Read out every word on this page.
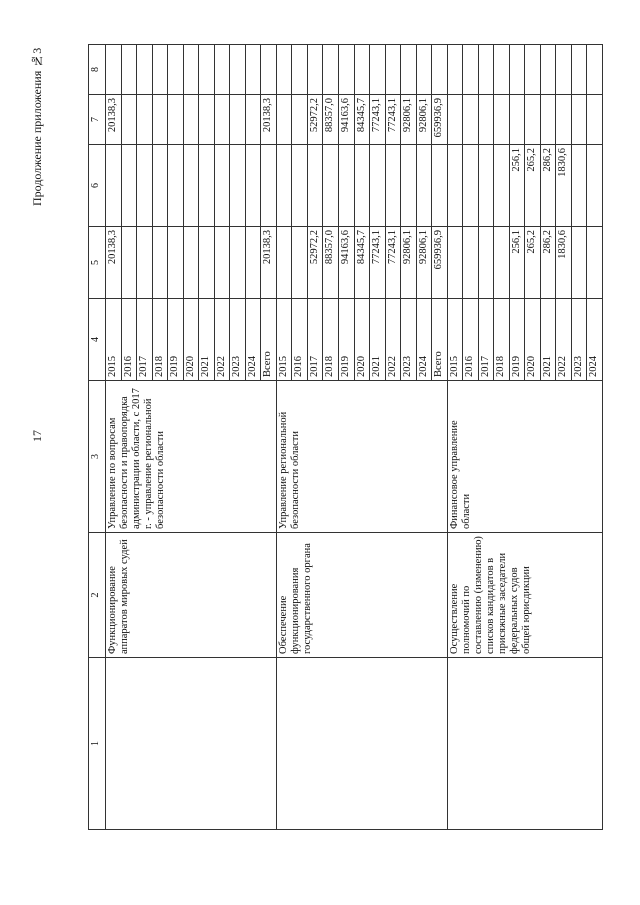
17
Продолжение приложения №3
1	2	3	4	5	6	7	8	
	Функционирование аппаратов мировых судей	Управление по вопросам безопасности и правопорядка администрации области, с 2017 г. - управление региональной безопасности области	2015	20138,3		20138,3		
			2016					
			2017					
			2018					
			2019					
			2020					
			2021					
			2022					
			2023					
			2024					
			Всего	20138,3		20138,3		
	Обеспечение функционирования государственного органа	Управление региональной безопасности области	2015					
			2016					
			2017	52972,2		52972,2		
			2018	88357,0		88357,0		
			2019	94163,6		94163,6		
			2020	84345,7		84345,7		
			2021	77243,1		77243,1		
			2022	77243,1		77243,1		
			2023	92806,1		92806,1		
			2024	92806,1		92806,1		
			Всего	659936,9		659936,9		
	Осуществление полномочий по составлению (изменению) списков кандидатов в присяжные заседатели федеральных судов общей юрисдикции	Финансовое управление области	2015					
			2016					
			2017					
			2018					
			2019	256,1	256,1			
			2020	265,2	265,2			
			2021	286,2	286,2			
			2022	1830,6	1830,6			
			2023					
			2024					
